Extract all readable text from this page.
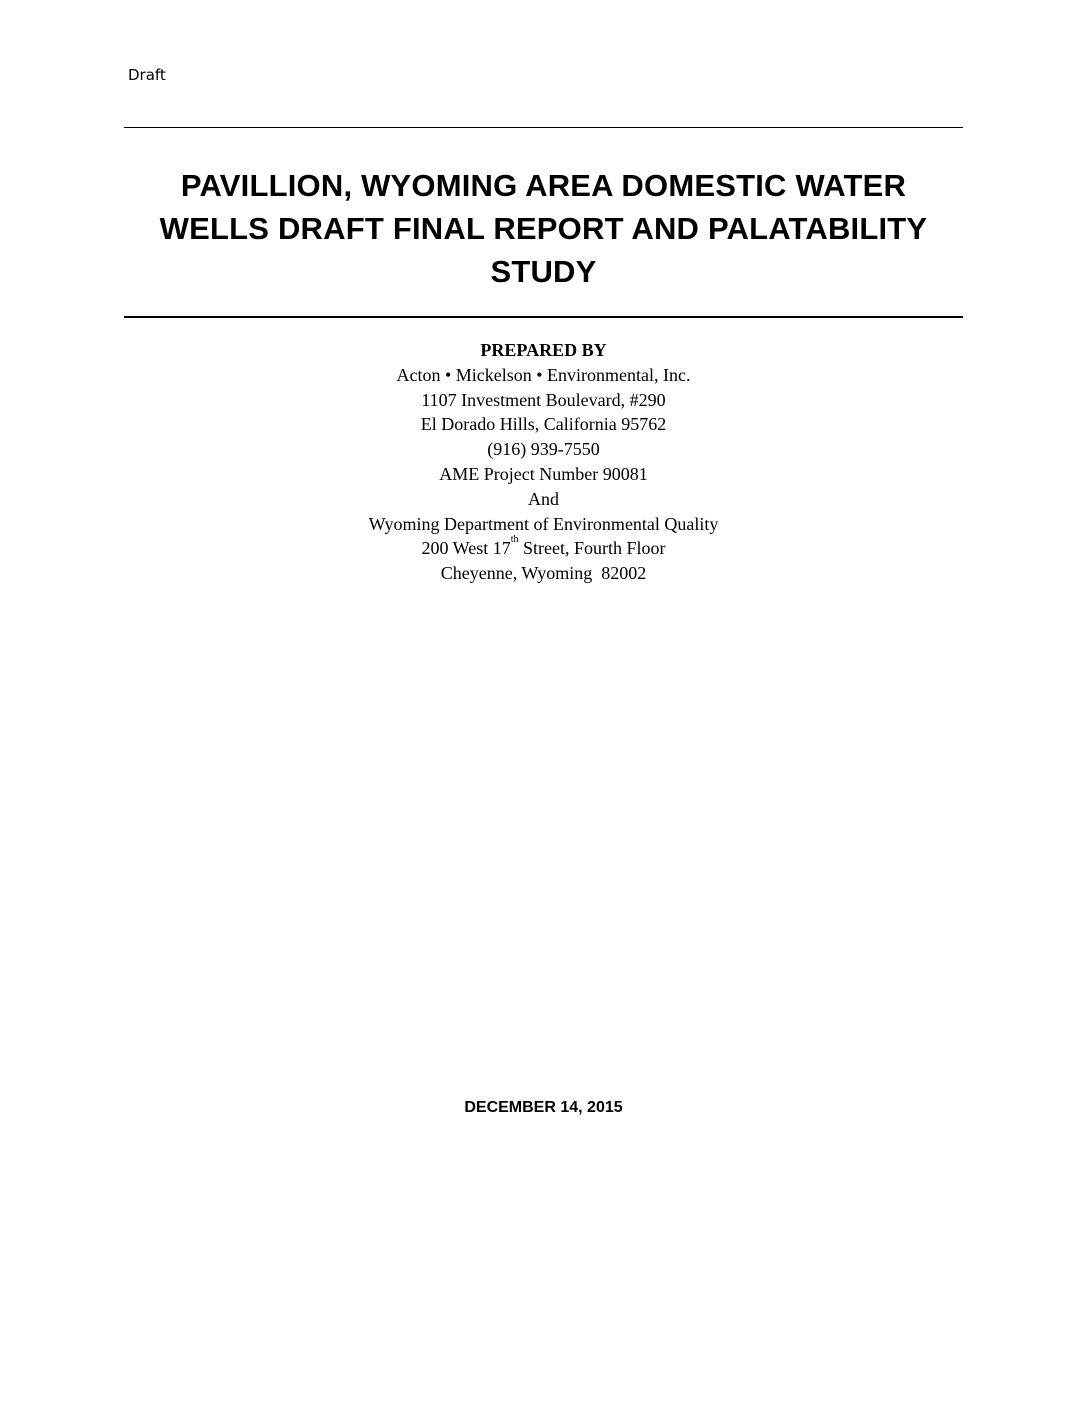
Draft
PAVILLION, WYOMING AREA DOMESTIC WATER
WELLS DRAFT FINAL REPORT AND PALATABILITY
STUDY
PREPARED BY
Acton • Mickelson • Environmental, Inc.
1107 Investment Boulevard, #290
El Dorado Hills, California 95762
(916) 939-7550
AME Project Number 90081
And
Wyoming Department of Environmental Quality
200 West 17th Street, Fourth Floor
Cheyenne, Wyoming  82002
DECEMBER 14, 2015
